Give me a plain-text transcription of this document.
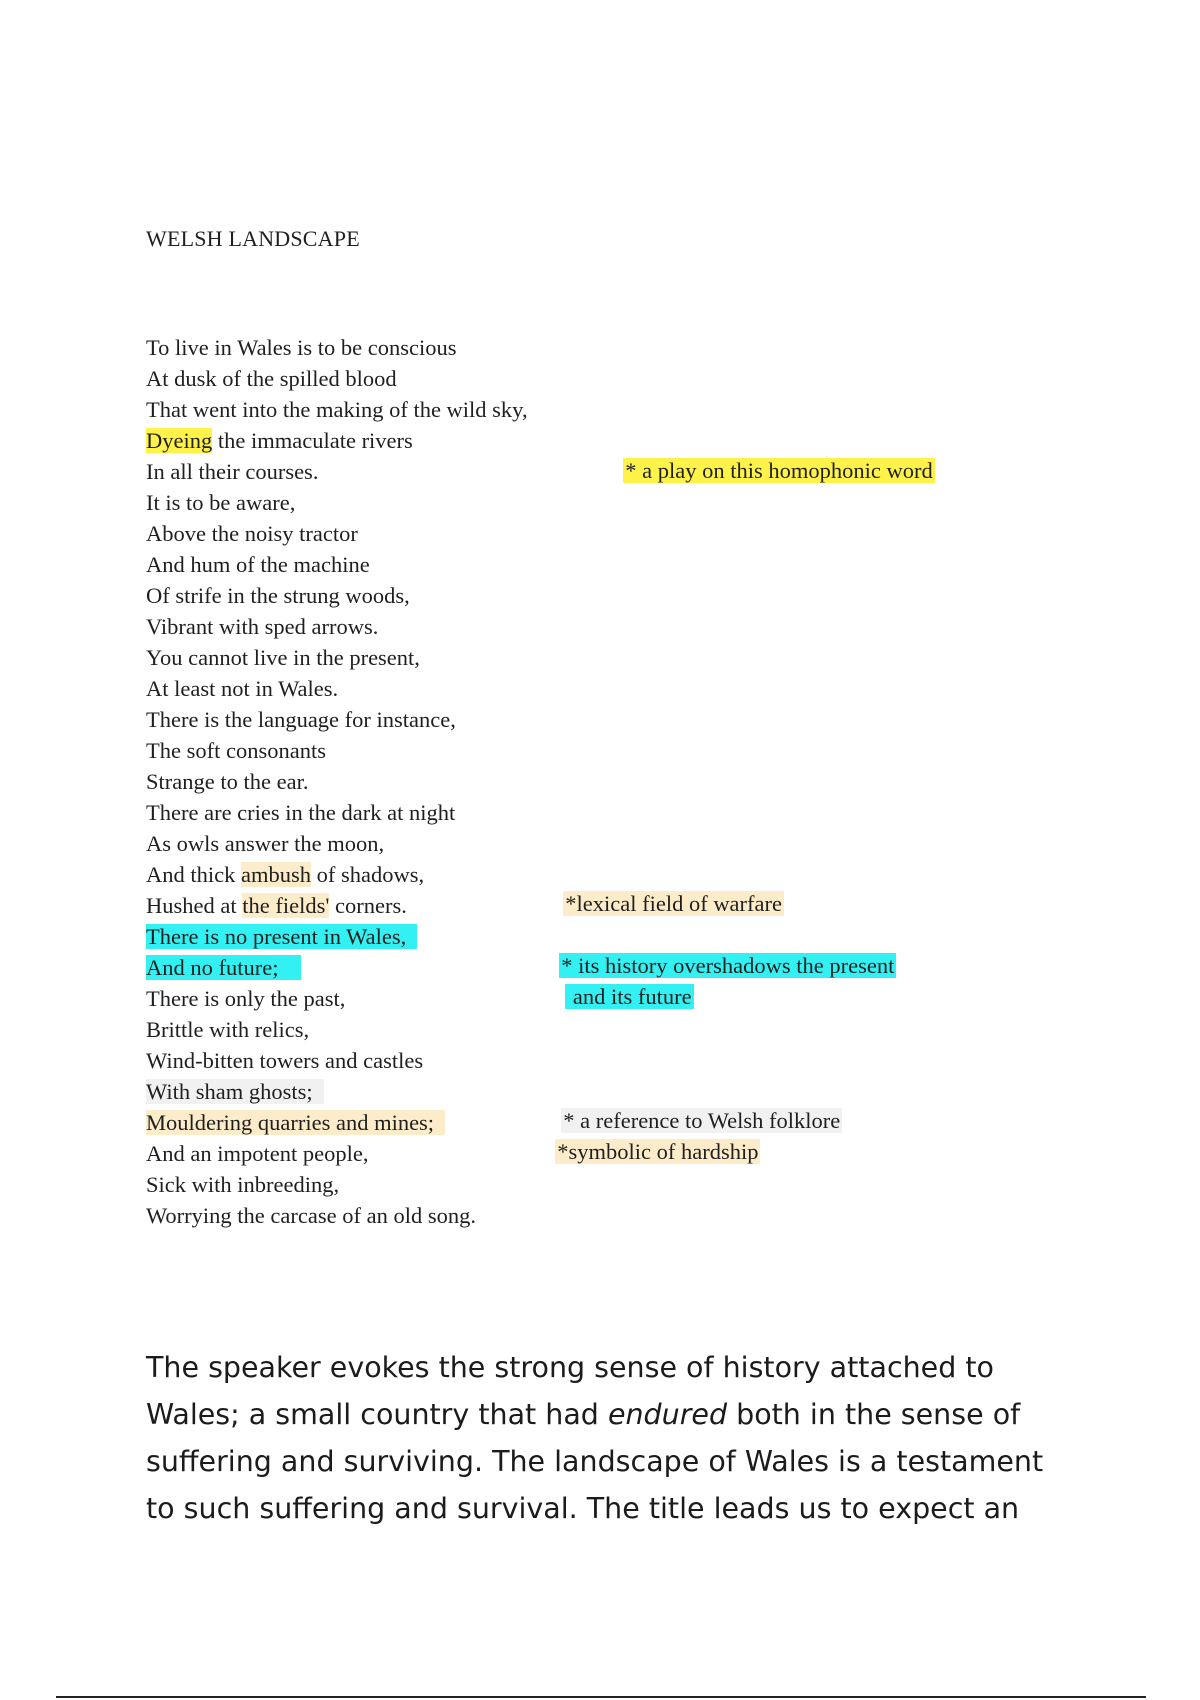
WELSH LANDSCAPE
To live in Wales is to be conscious
At dusk of the spilled blood
That went into the making of the wild sky,
Dyeing the immaculate rivers
In all their courses.
It is to be aware,
Above the noisy tractor
And hum of the machine
Of strife in the strung woods,
Vibrant with sped arrows.
You cannot live in the present,
At least not in Wales.
There is the language for instance,
The soft consonants
Strange to the ear.
There are cries in the dark at night
As owls answer the moon,
And thick ambush of shadows,
Hushed at the fields' corners.
There is no present in Wales,
And no future;
There is only the past,
Brittle with relics,
Wind-bitten towers and castles
With sham ghosts;
Mouldering quarries and mines;
And an impotent people,
Sick with inbreeding,
Worrying the carcase of an old song.

* a play on this homophonic word

*lexical field of warfare

* its history overshadows the present

and its future

* a reference to Welsh folklore

*symbolic of hardship

The speaker evokes the strong sense of history attached to Wales; a small country that had endured both in the sense of suffering and surviving. The landscape of Wales is a testament to such suffering and survival. The title leads us to expect an
